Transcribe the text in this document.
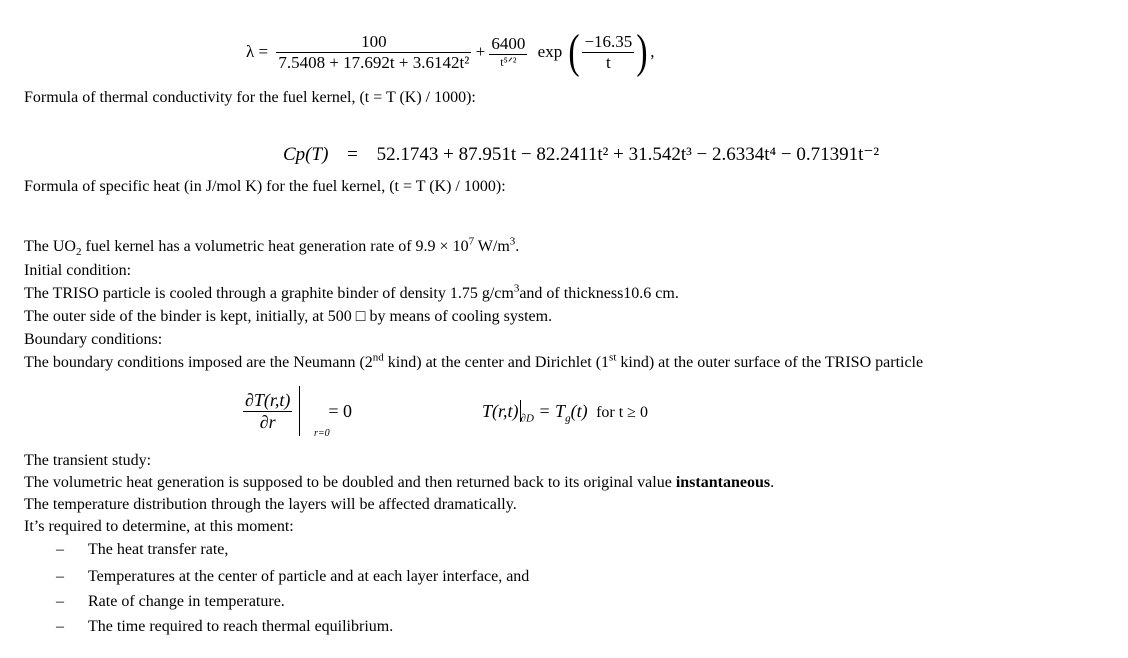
$\lambda = \frac{100}{\text{7.5408 + 17.692t + 3.6142t²}} + \frac{6400}{\text{t⁵ᐟ²}}$ exp ( $\frac{-16.35}{t}$ ) ,
Formula of thermal conductivity for the fuel kernel, (t = T (K) / 1000):
Cp(T) = 52.1743 + 87.951t − 82.2411t² + 31.542t³ − 2.6334t⁴ − 0.71391t⁻²
Formula of specific heat (in J/mol K) for the fuel kernel, (t = T (K) / 1000):
The $UO_2$ fuel kernel has a volumetric heat generation rate of $9.9 \times 10^7$ $W/m^3$.
Initial condition:
The TRISO particle is cooled through a graphite binder of density 1.75 $g/cm^3and$ of thickness10.6 cm.
The outer side of the binder is kept, initially, at 500 □ by means of cooling system.
Boundary conditions:
The boundary conditions imposed are the Neumann (2nd kind) at the center and Dirichlet (1st kind) at the outer surface of the TRISO particle
$\frac{\partial T(r,t)}{\partial r}$

r=0
= 0	T(r,t) $_{\partial D} = T_g(t)$ for t ≥ 0
The transient study:
The volumetric heat generation is supposed to be doubled and then returned back to its original value instantaneous.
The temperature distribution through the layers will be affected dramatically.
It’s required to determine, at this moment:
– The heat transfer rate,
– Temperatures at the center of particle and at each layer interface, and
– Rate of change in temperature.
– The time required to reach thermal equilibrium.
